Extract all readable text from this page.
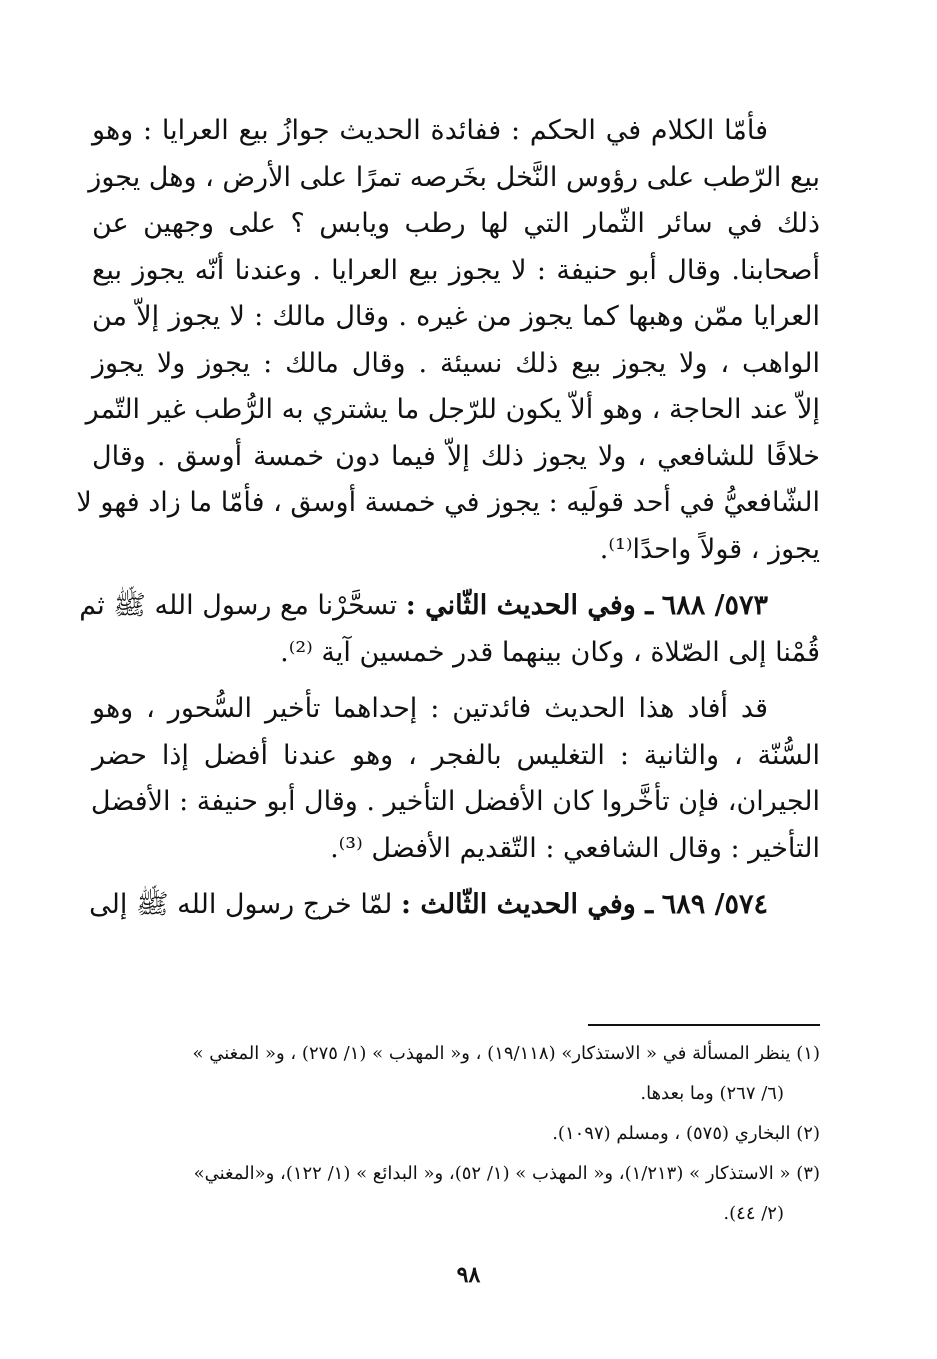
فأمّا الكلام في الحكم : ففائدة الحديث جوازُ بيع العرايا : وهو
بيع الرّطب على رؤوس النَّخل بخَرصه تمرًا على الأرض ، وهل يجوز
ذلك في سائر الثّمار التي لها رطب ويابس ؟ على وجهين عن
أصحابنا. وقال أبو حنيفة : لا يجوز بيع العرايا . وعندنا أنّه يجوز بيع
العرايا ممّن وهبها كما يجوز من غيره . وقال مالك : لا يجوز إلاّ من
الواهب ، ولا يجوز بيع ذلك نسيئة . وقال مالك : يجوز ولا يجوز
إلاّ عند الحاجة ، وهو ألاّ يكون للرّجل ما يشتري به الرُّطب غير التّمر
خلافًا للشافعي ، ولا يجوز ذلك إلاّ فيما دون خمسة أوسق . وقال
الشّافعيُّ في أحد قولَيه : يجوز في خمسة أوسق ، فأمّا ما زاد فهو لا
يجوز ، قولاً واحدًا⁽¹⁾.

٥٧٣/ ٦٨٨ ـ وفي الحديث الثّاني : تسحَّرْنا مع رسول الله ﷺ ثم
قُمْنا إلى الصّلاة ، وكان بينهما قدر خمسين آية ⁽²⁾.

قد أفاد هذا الحديث فائدتين : إحداهما تأخير السُّحور ، وهو
السُّنّة ، والثانية : التغليس بالفجر ، وهو عندنا أفضل إذا حضر
الجيران، فإن تأخَّروا كان الأفضل التأخير . وقال أبو حنيفة : الأفضل
التأخير : وقال الشافعي : التّقديم الأفضل ⁽³⁾.

٥٧٤/ ٦٨٩ ـ وفي الحديث الثّالث : لمّا خرج رسول الله ﷺ إلى

(١) ينظر المسألة في « الاستذكار» (١٩/١١٨) ، و« المهذب » (١/ ٢٧٥) ، و« المغني »
(٦/ ٢٦٧) وما بعدها.
(٢) البخاري (٥٧٥) ، ومسلم (١٠٩٧).
(٣) « الاستذكار » (١/٢١٣)، و« المهذب » (١/ ٥٢)، و« البدائع » (١/ ١٢٢)، و«المغني»
(٢/ ٤٤).
٩٨
